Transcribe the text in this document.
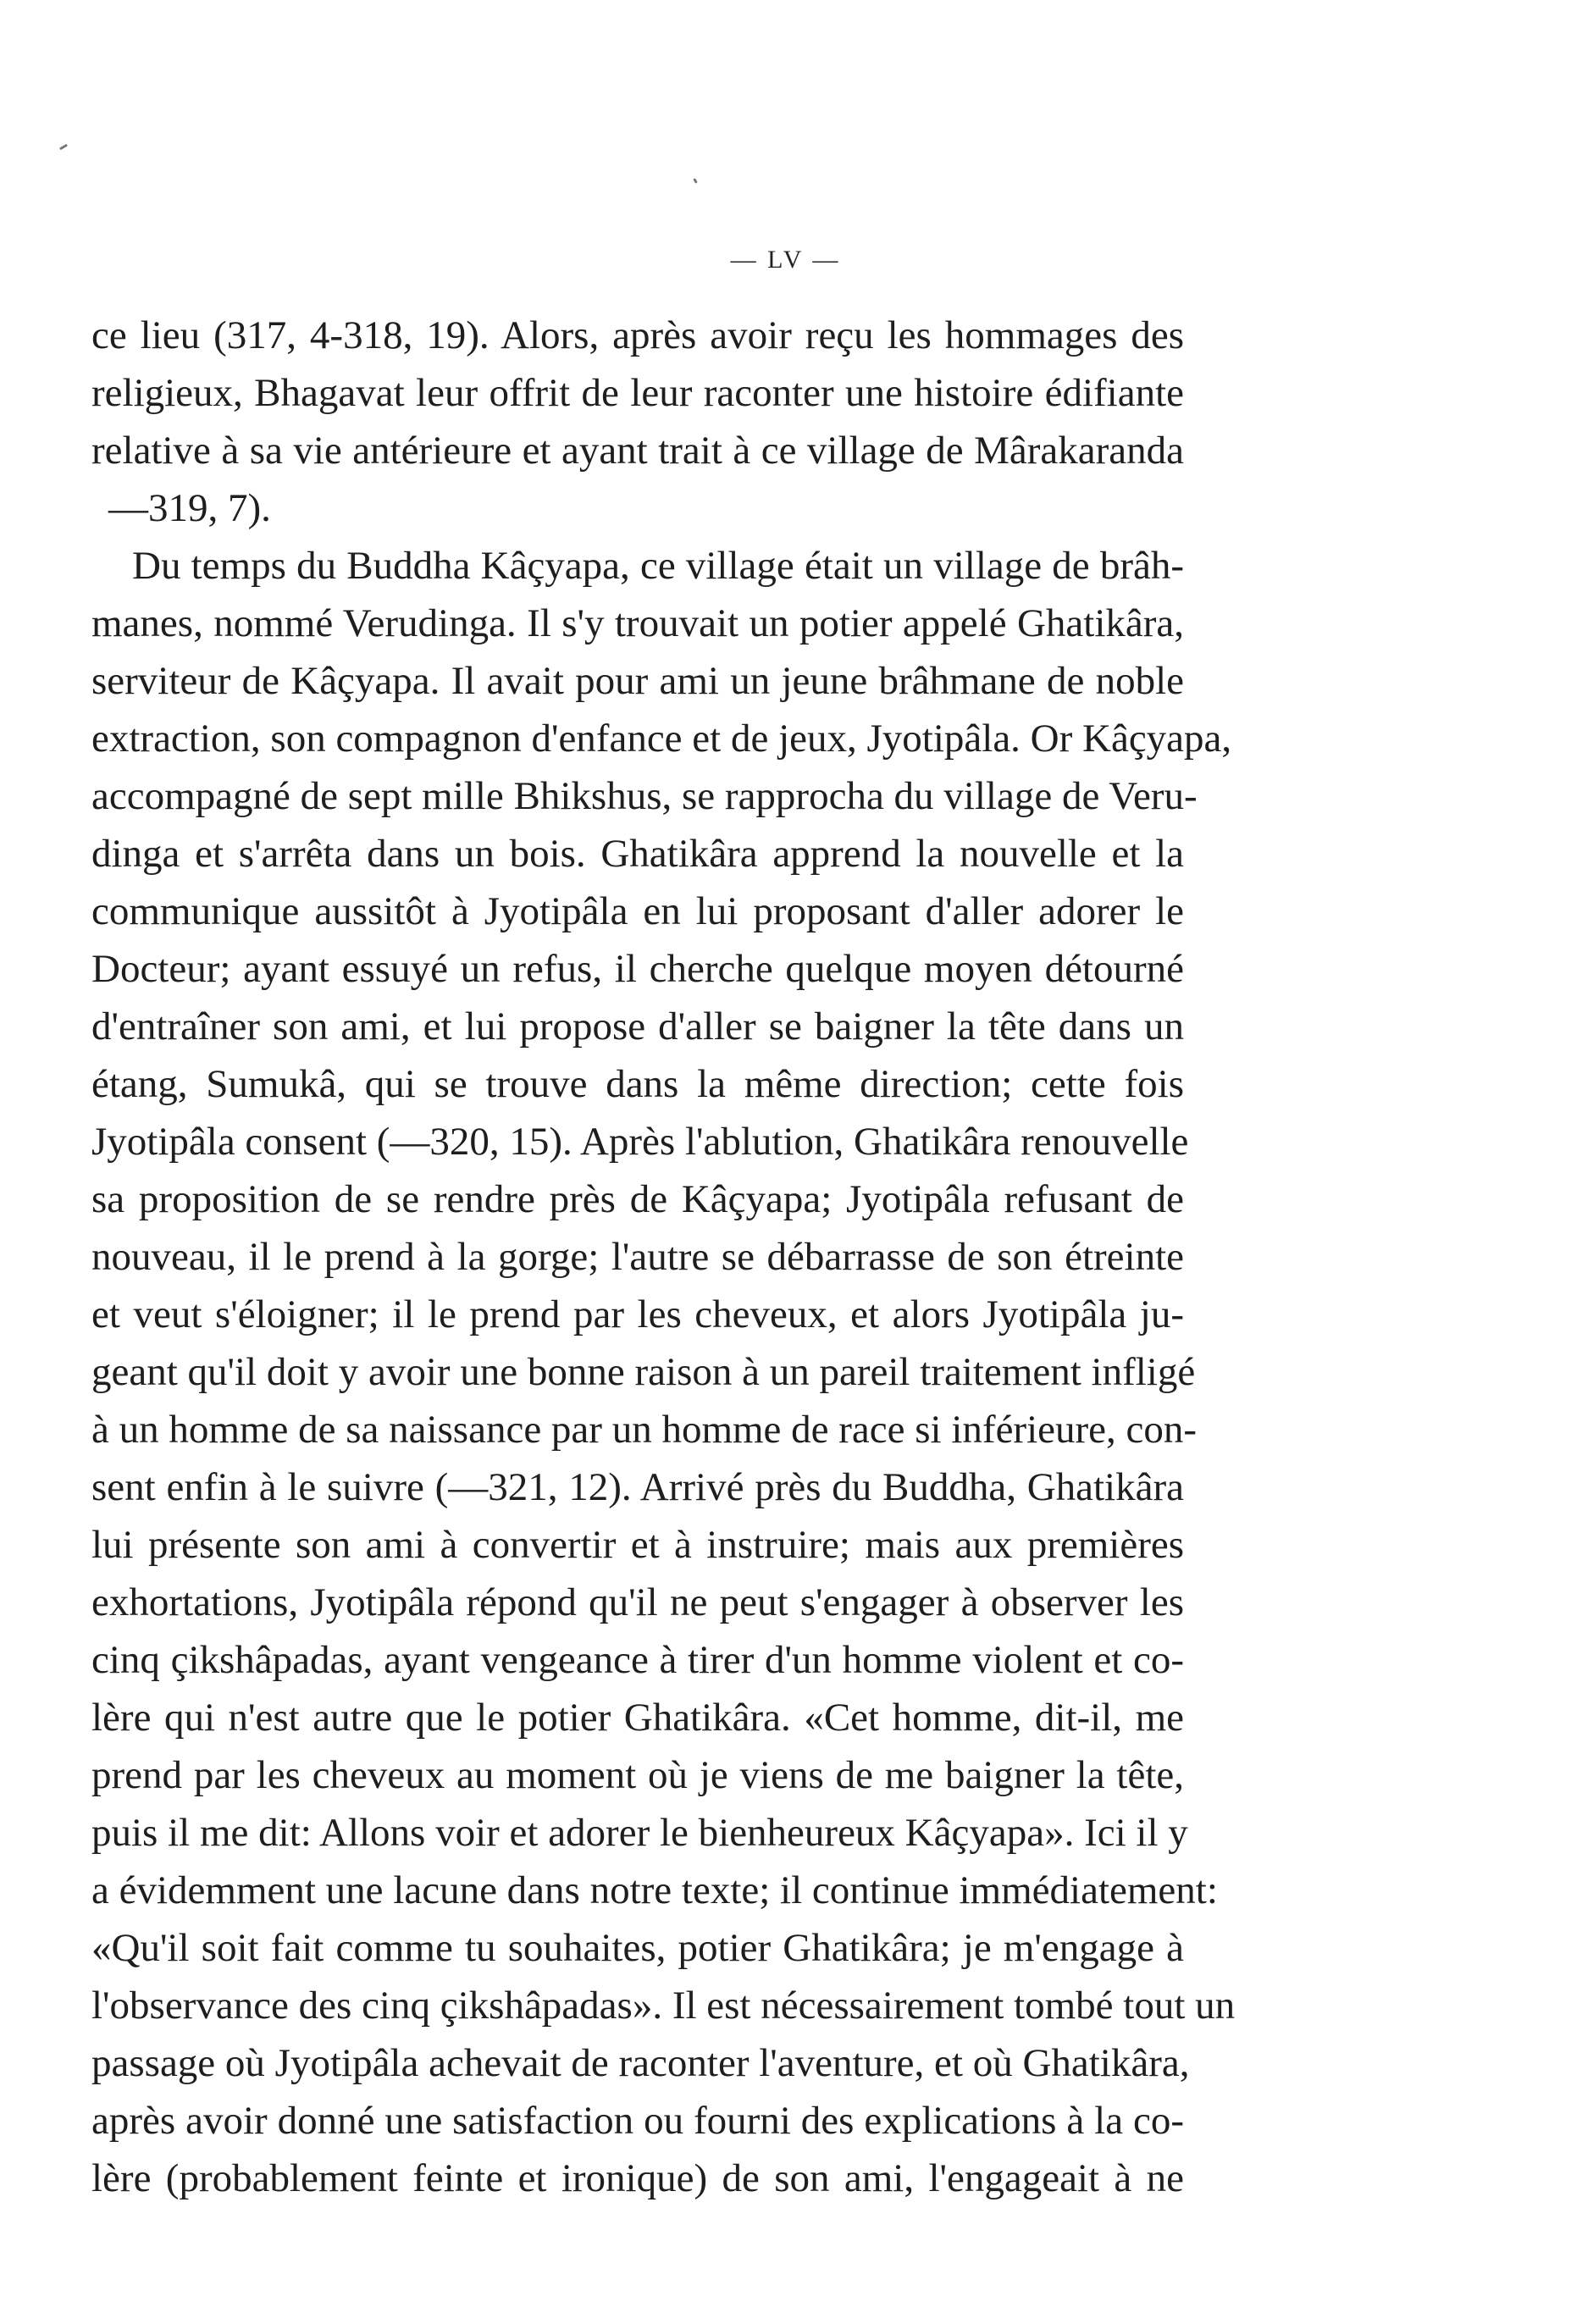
— LV —
ce lieu (317, 4-318, 19). Alors, après avoir reçu les hommages des
religieux, Bhagavat leur offrit de leur raconter une histoire édifiante
relative à sa vie antérieure et ayant trait à ce village de Mârakaranda
—319, 7).
Du temps du Buddha Kâçyapa, ce village était un village de brâh-
manes, nommé Verudinga. Il s'y trouvait un potier appelé Ghatikâra,
serviteur de Kâçyapa. Il avait pour ami un jeune brâhmane de noble
extraction, son compagnon d'enfance et de jeux, Jyotipâla. Or Kâçyapa,
accompagné de sept mille Bhikshus, se rapprocha du village de Veru-
dinga et s'arrêta dans un bois. Ghatikâra apprend la nouvelle et la
communique aussitôt à Jyotipâla en lui proposant d'aller adorer le
Docteur; ayant essuyé un refus, il cherche quelque moyen détourné
d'entraîner son ami, et lui propose d'aller se baigner la tête dans un
étang, Sumukâ, qui se trouve dans la même direction; cette fois
Jyotipâla consent (—320, 15). Après l'ablution, Ghatikâra renouvelle
sa proposition de se rendre près de Kâçyapa; Jyotipâla refusant de
nouveau, il le prend à la gorge; l'autre se débarrasse de son étreinte
et veut s'éloigner; il le prend par les cheveux, et alors Jyotipâla ju-
geant qu'il doit y avoir une bonne raison à un pareil traitement infligé
à un homme de sa naissance par un homme de race si inférieure, con-
sent enfin à le suivre (—321, 12). Arrivé près du Buddha, Ghatikâra
lui présente son ami à convertir et à instruire; mais aux premières
exhortations, Jyotipâla répond qu'il ne peut s'engager à observer les
cinq çikshâpadas, ayant vengeance à tirer d'un homme violent et co-
lère qui n'est autre que le potier Ghatikâra. «Cet homme, dit-il, me
prend par les cheveux au moment où je viens de me baigner la tête,
puis il me dit: Allons voir et adorer le bienheureux Kâçyapa». Ici il y
a évidemment une lacune dans notre texte; il continue immédiatement:
«Qu'il soit fait comme tu souhaites, potier Ghatikâra; je m'engage à
l'observance des cinq çikshâpadas». Il est nécessairement tombé tout un
passage où Jyotipâla achevait de raconter l'aventure, et où Ghatikâra,
après avoir donné une satisfaction ou fourni des explications à la co-
lère (probablement feinte et ironique) de son ami, l'engageait à ne
